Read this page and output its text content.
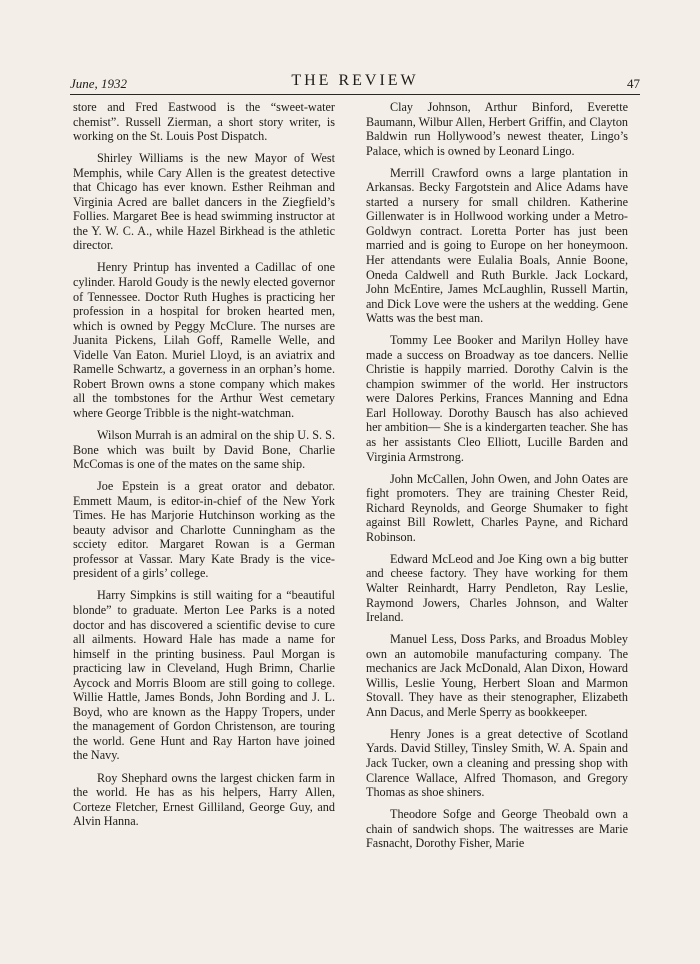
June, 1932	THE REVIEW	47

store and Fred Eastwood is the “sweet-water chemist”. Russell Zierman, a short story writer, is working on the St. Louis Post Dispatch.

Shirley Williams is the new Mayor of West Memphis, while Cary Allen is the greatest detective that Chicago has ever known. Esther Reihman and Virginia Acred are ballet dancers in the Ziegfield’s Follies. Margaret Bee is head swimming instructor at the Y. W. C. A., while Hazel Birkhead is the athletic director.

Henry Printup has invented a Cadillac of one cylinder. Harold Goudy is the newly elected governor of Tennessee. Doctor Ruth Hughes is practicing her profession in a hospital for broken hearted men, which is owned by Peggy McClure. The nurses are Juanita Pickens, Lilah Goff, Ramelle Welle, and Videlle Van Eaton. Muriel Lloyd, is an aviatrix and Ramelle Schwartz, a governess in an orphan’s home. Robert Brown owns a stone company which makes all the tombstones for the Arthur West cemetary where George Tribble is the night-watchman.

Wilson Murrah is an admiral on the ship U. S. S. Bone which was built by David Bone, Charlie McComas is one of the mates on the same ship.

Joe Epstein is a great orator and debator. Emmett Maum, is editor-in-chief of the New York Times. He has Marjorie Hutchinson working as the beauty advisor and Charlotte Cunningham as the scciety editor. Margaret Rowan is a German professor at Vassar. Mary Kate Brady is the vice-president of a girls’ college.

Harry Simpkins is still waiting for a “beautiful blonde” to graduate. Merton Lee Parks is a noted doctor and has discovered a scientific devise to cure all ailments. Howard Hale has made a name for himself in the printing business. Paul Morgan is practicing law in Cleveland, Hugh Brimn, Charlie Aycock and Morris Bloom are still going to college. Willie Hattle, James Bonds, John Bording and J. L. Boyd, who are known as the Happy Tropers, under the management of Gordon Christenson, are touring the world. Gene Hunt and Ray Harton have joined the Navy.

Roy Shephard owns the largest chicken farm in the world. He has as his helpers, Harry Allen, Corteze Fletcher, Ernest Gilliland, George Guy, and Alvin Hanna.

Clay Johnson, Arthur Binford, Everette Baumann, Wilbur Allen, Herbert Griffin, and Clayton Baldwin run Hollywood’s newest theater, Lingo’s Palace, which is owned by Leonard Lingo.

Merrill Crawford owns a large plantation in Arkansas. Becky Fargotstein and Alice Adams have started a nursery for small children. Katherine Gillenwater is in Hollwood working under a Metro-Goldwyn contract. Loretta Porter has just been married and is going to Europe on her honeymoon. Her attendants were Eulalia Boals, Annie Boone, Oneda Caldwell and Ruth Burkle. Jack Lockard, John McEntire, James McLaughlin, Russell Martin, and Dick Love were the ushers at the wedding. Gene Watts was the best man.

Tommy Lee Booker and Marilyn Holley have made a success on Broadway as toe dancers. Nellie Christie is happily married. Dorothy Calvin is the champion swimmer of the world. Her instructors were Dalores Perkins, Frances Manning and Edna Earl Holloway. Dorothy Bausch has also achieved her ambition— She is a kindergarten teacher. She has as her assistants Cleo Elliott, Lucille Barden and Virginia Armstrong.

John McCallen, John Owen, and John Oates are fight promoters. They are training Chester Reid, Richard Reynolds, and George Shumaker to fight against Bill Rowlett, Charles Payne, and Richard Robinson.

Edward McLeod and Joe King own a big butter and cheese factory. They have working for them Walter Reinhardt, Harry Pendleton, Ray Leslie, Raymond Jowers, Charles Johnson, and Walter Ireland.

Manuel Less, Doss Parks, and Broadus Mobley own an automobile manufacturing company. The mechanics are Jack McDonald, Alan Dixon, Howard Willis, Leslie Young, Herbert Sloan and Marmon Stovall. They have as their stenographer, Elizabeth Ann Dacus, and Merle Sperry as bookkeeper.

Henry Jones is a great detective of Scotland Yards. David Stilley, Tinsley Smith, W. A. Spain and Jack Tucker, own a cleaning and pressing shop with Clarence Wallace, Alfred Thomason, and Gregory Thomas as shoe shiners.

Theodore Sofge and George Theobald own a chain of sandwich shops. The waitresses are Marie Fasnacht, Dorothy Fisher, Marie
